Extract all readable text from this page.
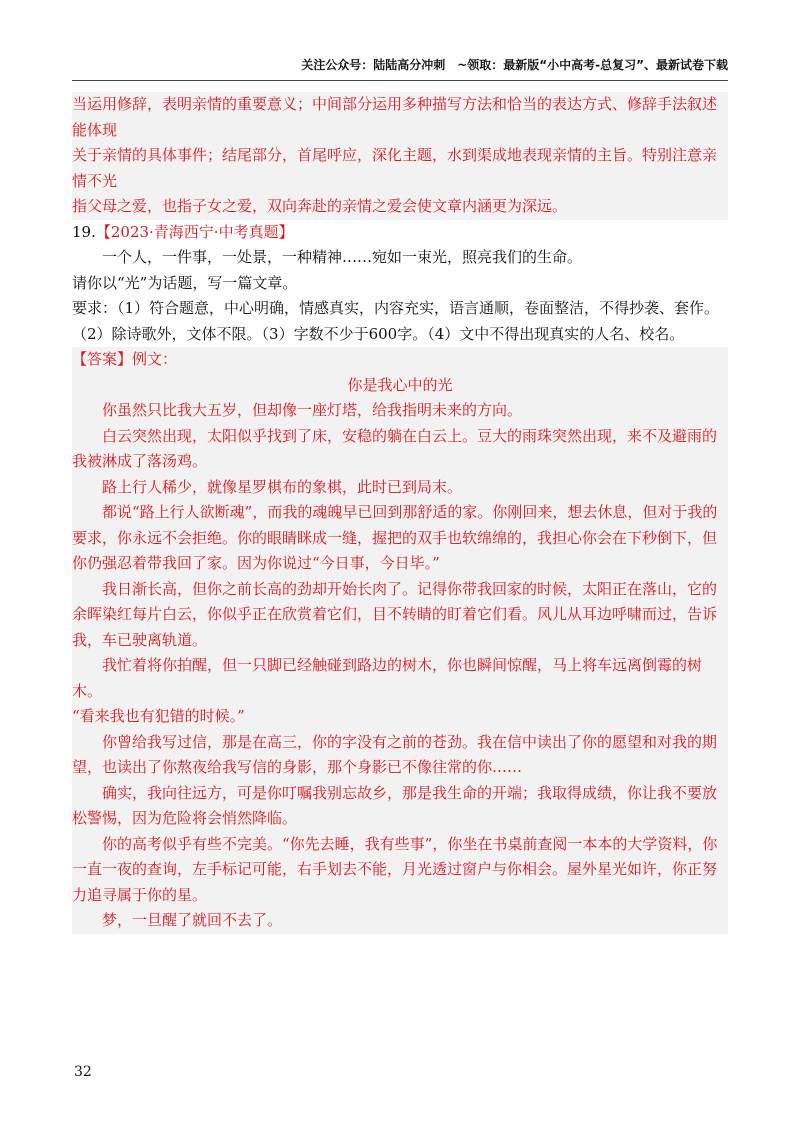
关注公众号：陆陆高分冲刺　~领取：最新版“小中高考-总复习”、最新试卷下载

当运用修辞，表明亲情的重要意义；中间部分运用多种描写方法和恰当的表达方式、修辞手法叙述能体现

关于亲情的具体事件；结尾部分，首尾呼应，深化主题，水到渠成地表现亲情的主旨。特别注意亲情不光

指父母之爱，也指子女之爱，双向奔赴的亲情之爱会使文章内涵更为深远。

19.【2023·青海西宁·中考真题】

一个人，一件事，一处景，一种精神……宛如一束光，照亮我们的生命。

请你以“光”为话题，写一篇文章。

要求：（1）符合题意，中心明确，情感真实，内容充实，语言通顺，卷面整洁，不得抄袭、套作。（2）除诗歌外，文体不限。（3）字数不少于600字。（4）文中不得出现真实的人名、校名。

【答案】例文：

你是我心中的光

你虽然只比我大五岁，但却像一座灯塔，给我指明未来的方向。

白云突然出现，太阳似乎找到了床，安稳的躺在白云上。豆大的雨珠突然出现，来不及避雨的我被淋成了落汤鸡。

路上行人稀少，就像星罗棋布的象棋，此时已到局末。

都说“路上行人欲断魂”，而我的魂魄早已回到那舒适的家。你刚回来，想去休息，但对于我的要求，你永远不会拒绝。你的眼睛眯成一缝，握把的双手也软绵绵的，我担心你会在下秒倒下，但你仍强忍着带我回了家。因为你说过“今日事，今日毕。”

我日渐长高，但你之前长高的劲却开始长肉了。记得你带我回家的时候，太阳正在落山，它的余晖染红每片白云，你似乎正在欣赏着它们，目不转睛的盯着它们看。风儿从耳边呼啸而过，告诉我，车已驶离轨道。

我忙着将你拍醒，但一只脚已经触碰到路边的树木，你也瞬间惊醒，马上将车远离倒霉的树木。

“看来我也有犯错的时候。”

你曾给我写过信，那是在高三，你的字没有之前的苍劲。我在信中读出了你的愿望和对我的期望，也读出了你熬夜给我写信的身影，那个身影已不像往常的你……

确实，我向往远方，可是你叮嘱我别忘故乡，那是我生命的开端；我取得成绩，你让我不要放松警惕，因为危险将会悄然降临。

你的高考似乎有些不完美。“你先去睡，我有些事”，你坐在书桌前查阅一本本的大学资料，你一直一夜的查询，左手标记可能，右手划去不能，月光透过窗户与你相会。屋外星光如许，你正努力追寻属于你的星。

梦，一旦醒了就回不去了。

32
